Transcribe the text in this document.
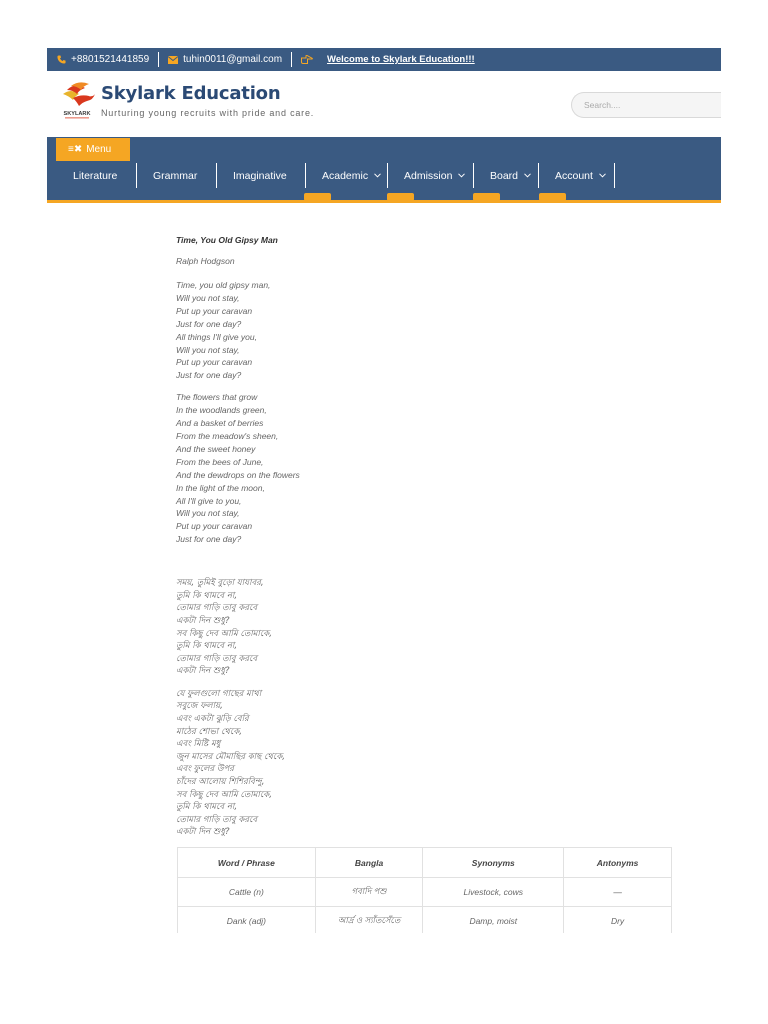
+8801521441859	tuhin0011@gmail.com	Welcome to Skylark Education!!!
SKYLARK
Skylark Education
Nurturing young recruits with pride and care.
Search....
≡✖ Menu
Literature	Grammar	Imaginative	Academic	Admission	Board	Account
Time, You Old Gipsy Man
Ralph Hodgson
Time, you old gipsy man,
Will you not stay,
Put up your caravan
Just for one day?
All things I'll give you,
Will you not stay,
Put up your caravan
Just for one day?
The flowers that grow
In the woodlands green,
And a basket of berries
From the meadow's sheen,
And the sweet honey
From the bees of June,
And the dewdrops on the flowers
In the light of the moon,
All I'll give to you,
Will you not stay,
Put up your caravan
Just for one day?
সময়, তুমিই বুড়ো যাযাবর,
তুমি কি থামবে না,
তোমার গাড়ি তাবু করবে
একটা দিন শুধু?
সব কিছু দেব আমি তোমাকে,
তুমি কি থামবে না,
তোমার গাড়ি তাবু করবে
একটা দিন শুধু?
যে ফুলগুলো গাছের মাথা
সবুজে ফলায়,
এবং একটা ঝুড়ি বেরি
মাঠের শোভা থেকে,
এবং মিষ্টি মধু
জুন মাসের মৌমাছির কাছ থেকে,
এবং ফুলের উপর
চাঁদের আলোয় শিশিরবিন্দু,
সব কিছু দেব আমি তোমাকে,
তুমি কি থামবে না,
তোমার গাড়ি তাবু করবে
একটা দিন শুধু?
Word / Phrase	Bangla	Synonyms	Antonyms
Cattle (n)	গবাদি পশু	Livestock, cows	—
Dank (adj)	আর্দ্র ও স্যাঁতসেঁতে	Damp, moist	Dry
